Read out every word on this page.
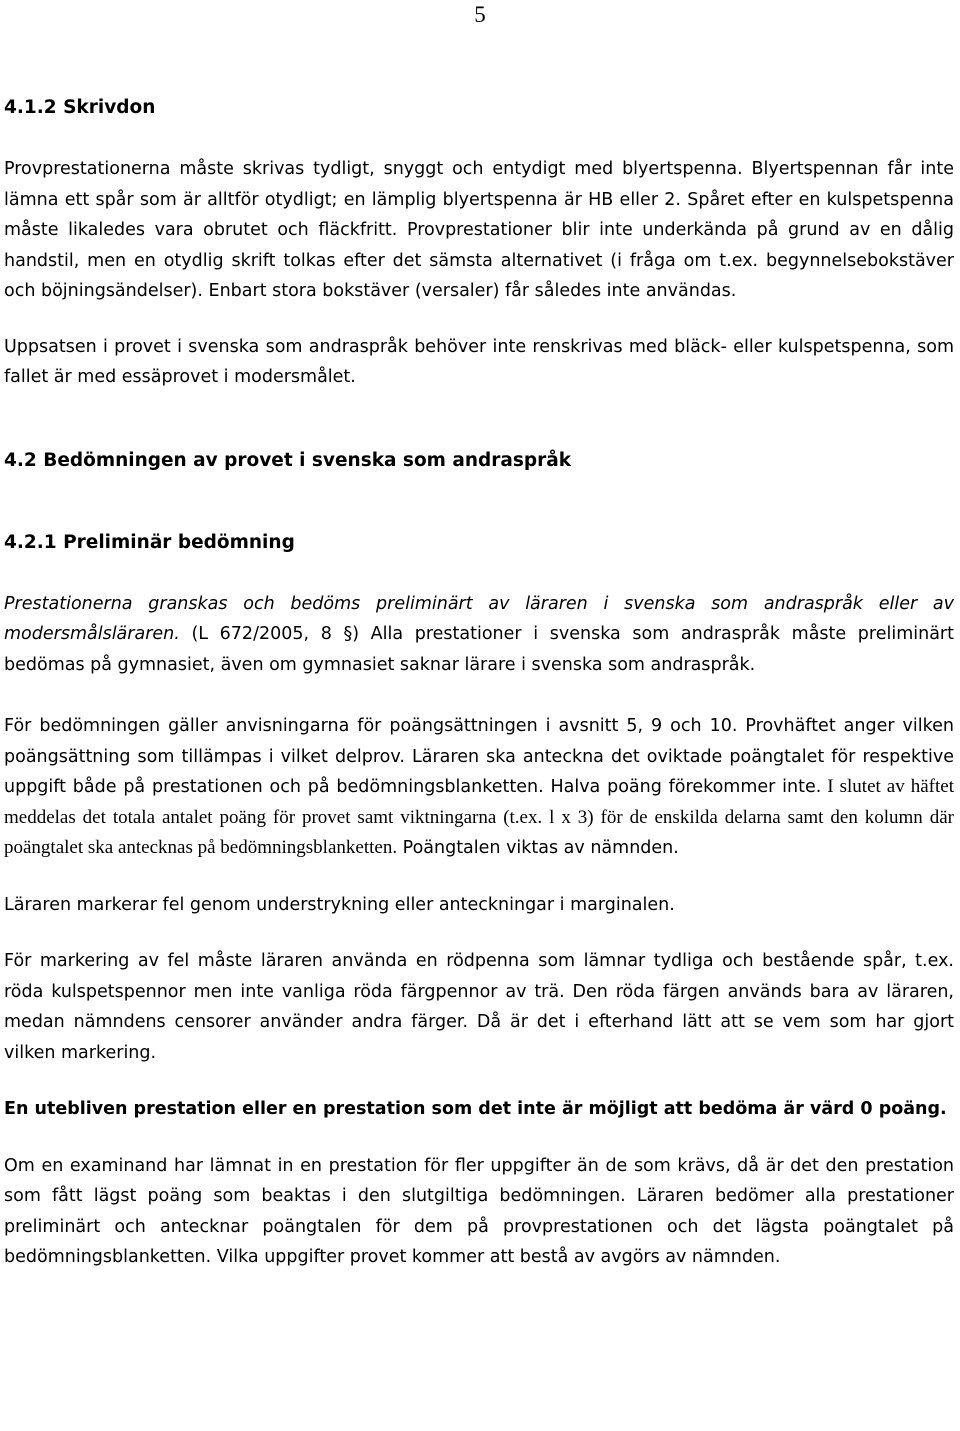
5
4.1.2 Skrivdon

Provprestationerna måste skrivas tydligt, snyggt och entydigt med blyertspenna. Blyertspennan får inte lämna ett spår som är alltför otydligt; en lämplig blyertspenna är HB eller 2. Spåret efter en kulspetspenna måste likaledes vara obrutet och fläckfritt. Provprestationer blir inte underkända på grund av en dålig handstil, men en otydlig skrift tolkas efter det sämsta alternativet (i fråga om t.ex. begynnelsebokstäver och böjningsändelser). Enbart stora bokstäver (versaler) får således inte användas.

Uppsatsen i provet i svenska som andraspråk behöver inte renskrivas med bläck- eller kulspetspenna, som fallet är med essäprovet i modersmålet.

4.2 Bedömningen av provet i svenska som andraspråk
4.2.1 Preliminär bedömning

Prestationerna granskas och bedöms preliminärt av läraren i svenska som andraspråk eller av modersmålsläraren. (L 672/2005, 8 §) Alla prestationer i svenska som andraspråk måste preliminärt bedömas på gymnasiet, även om gymnasiet saknar lärare i svenska som andraspråk.

För bedömningen gäller anvisningarna för poängsättningen i avsnitt 5, 9 och 10. Provhäftet anger vilken poängsättning som tillämpas i vilket delprov. Läraren ska anteckna det oviktade poängtalet för respektive uppgift både på prestationen och på bedömningsblanketten. Halva poäng förekommer inte. I slutet av häftet meddelas det totala antalet poäng för provet samt viktningarna (t.ex. l x 3) för de enskilda delarna samt den kolumn där poängtalet ska antecknas på bedömningsblanketten. Poängtalen viktas av nämnden.

Läraren markerar fel genom understrykning eller anteckningar i marginalen.

För markering av fel måste läraren använda en rödpenna som lämnar tydliga och bestående spår, t.ex. röda kulspetspennor men inte vanliga röda färgpennor av trä. Den röda färgen används bara av läraren, medan nämndens censorer använder andra färger. Då är det i efterhand lätt att se vem som har gjort vilken markering.

En utebliven prestation eller en prestation som det inte är möjligt att bedöma är värd 0 poäng.

Om en examinand har lämnat in en prestation för fler uppgifter än de som krävs, då är det den prestation som fått lägst poäng som beaktas i den slutgiltiga bedömningen. Läraren bedömer alla prestationer preliminärt och antecknar poängtalen för dem på provprestationen och det lägsta poängtalet på bedömningsblanketten. Vilka uppgifter provet kommer att bestå av avgörs av nämnden.
